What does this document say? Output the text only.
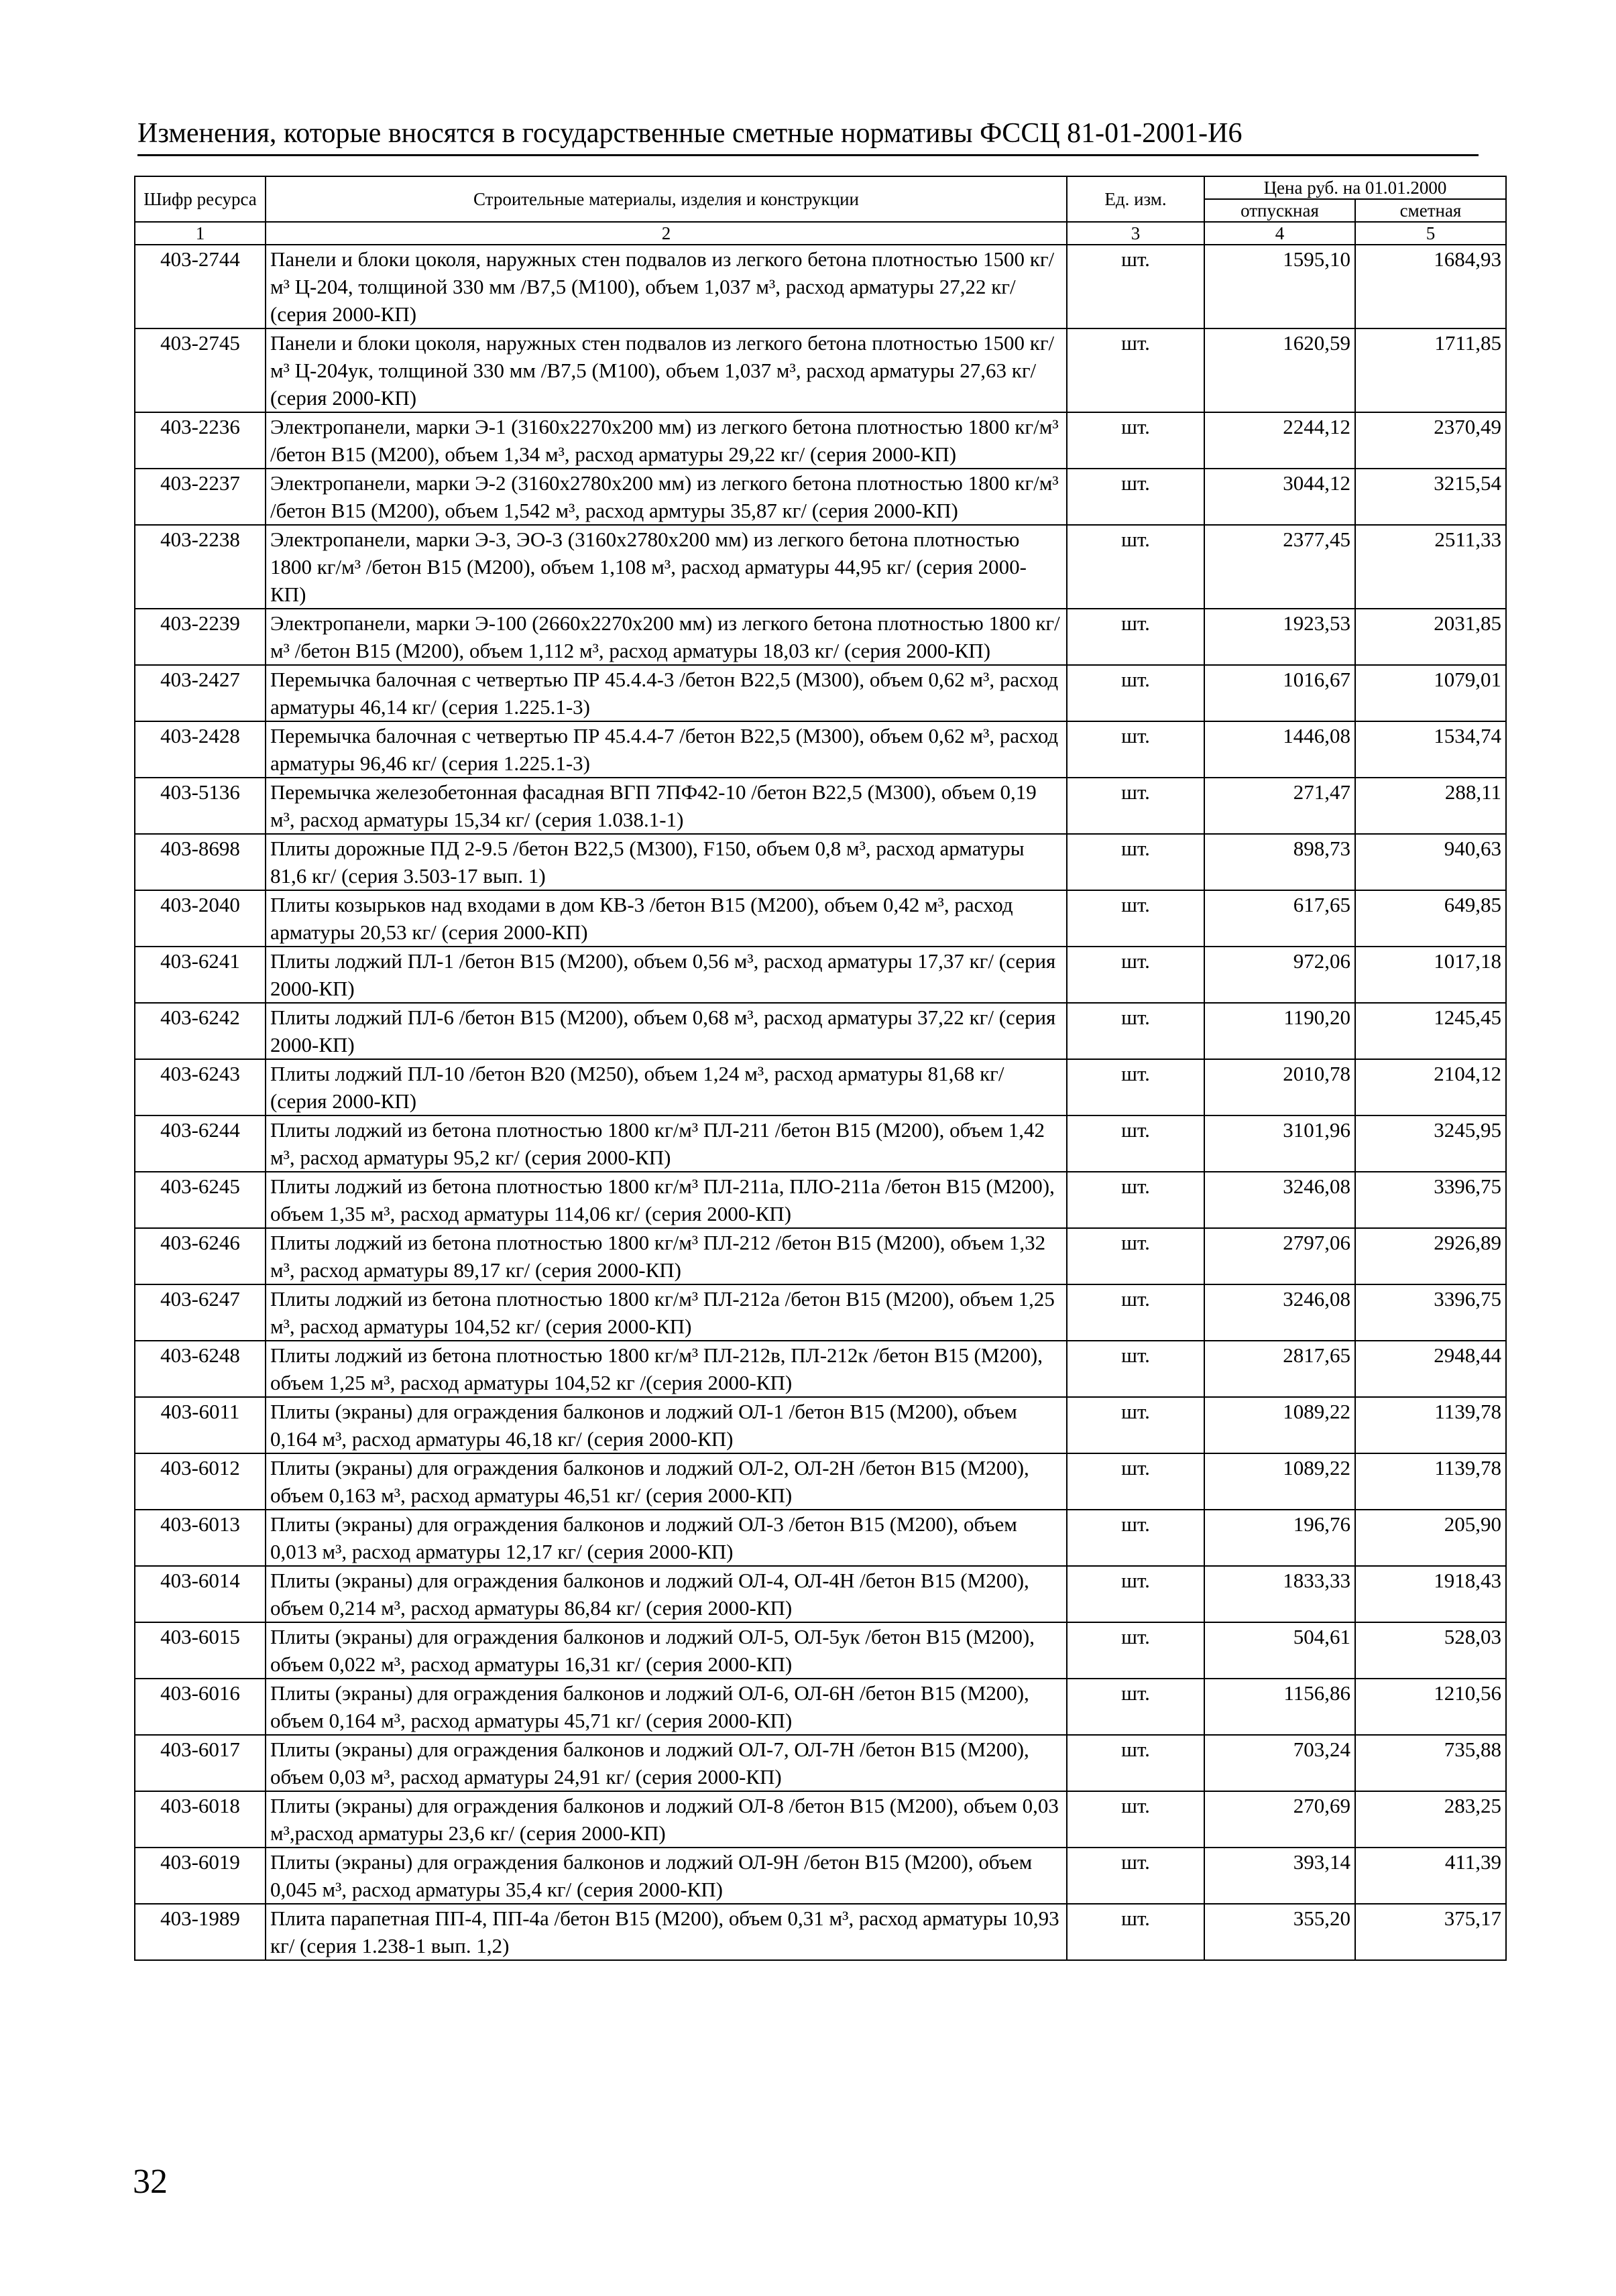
Изменения, которые вносятся в государственные сметные нормативы ФССЦ 81-01-2001-И6
Шифр ресурса	Строительные материалы, изделия и конструкции	Ед. изм.	Цена руб. на 01.01.2000	
			отпускная	сметная
1	2	3	4	5
403-2744	Панели и блоки цоколя, наружных стен подвалов из легкого бетона плотностью 1500 кг/м³ Ц-204, толщиной 330 мм /B7,5 (M100), объем 1,037 м³, расход арматуры 27,22 кг/ (серия 2000-КП)	шт.	1595,10	1684,93
403-2745	Панели и блоки цоколя, наружных стен подвалов из легкого бетона плотностью 1500 кг/м³ Ц-204ук, толщиной 330 мм /B7,5 (M100), объем 1,037 м³, расход арматуры 27,63 кг/ (серия 2000-КП)	шт.	1620,59	1711,85
403-2236	Электропанели, марки Э-1 (3160x2270x200 мм) из легкого бетона плотностью 1800 кг/м³ /бетон B15 (M200), объем 1,34 м³, расход арматуры 29,22 кг/ (серия 2000-КП)	шт.	2244,12	2370,49
403-2237	Электропанели, марки Э-2 (3160x2780x200 мм) из легкого бетона плотностью 1800 кг/м³ /бетон B15 (M200), объем 1,542 м³, расход армтуры 35,87 кг/ (серия 2000-КП)	шт.	3044,12	3215,54
403-2238	Электропанели, марки Э-3, ЭО-3 (3160x2780x200 мм) из легкого бетона плотностью 1800 кг/м³ /бетон B15 (M200), объем 1,108 м³, расход арматуры 44,95 кг/ (серия 2000-КП)	шт.	2377,45	2511,33
403-2239	Электропанели, марки Э-100 (2660x2270x200 мм) из легкого бетона плотностью 1800 кг/м³ /бетон B15 (M200), объем 1,112 м³, расход арматуры 18,03 кг/ (серия 2000-КП)	шт.	1923,53	2031,85
403-2427	Перемычка балочная с четвертью ПР 45.4.4-3 /бетон B22,5 (M300), объем 0,62 м³, расход арматуры 46,14 кг/ (серия 1.225.1-3)	шт.	1016,67	1079,01
403-2428	Перемычка балочная с четвертью ПР 45.4.4-7 /бетон B22,5 (M300), объем 0,62 м³, расход арматуры 96,46 кг/ (серия 1.225.1-3)	шт.	1446,08	1534,74
403-5136	Перемычка железобетонная фасадная ВГП 7ПФ42-10 /бетон B22,5 (M300), объем 0,19 м³, расход арматуры 15,34 кг/ (серия 1.038.1-1)	шт.	271,47	288,11
403-8698	Плиты дорожные ПД 2-9.5 /бетон B22,5 (M300), F150, объем 0,8 м³, расход арматуры 81,6 кг/ (серия 3.503-17 вып. 1)	шт.	898,73	940,63
403-2040	Плиты козырьков над входами в дом КВ-3 /бетон B15 (M200), объем 0,42 м³, расход арматуры 20,53 кг/ (серия 2000-КП)	шт.	617,65	649,85
403-6241	Плиты лоджий ПЛ-1 /бетон B15 (M200), объем 0,56 м³, расход арматуры 17,37 кг/ (серия 2000-КП)	шт.	972,06	1017,18
403-6242	Плиты лоджий ПЛ-6 /бетон B15 (M200), объем 0,68 м³, расход арматуры 37,22 кг/ (серия 2000-КП)	шт.	1190,20	1245,45
403-6243	Плиты лоджий ПЛ-10 /бетон B20 (M250), объем 1,24 м³, расход арматуры 81,68 кг/ (серия 2000-КП)	шт.	2010,78	2104,12
403-6244	Плиты лоджий из бетона плотностью 1800 кг/м³ ПЛ-211 /бетон B15 (M200), объем 1,42 м³, расход арматуры 95,2 кг/ (серия 2000-КП)	шт.	3101,96	3245,95
403-6245	Плиты лоджий из бетона плотностью 1800 кг/м³ ПЛ-211а, ПЛО-211а /бетон B15 (M200), объем 1,35 м³, расход арматуры 114,06 кг/ (серия 2000-КП)	шт.	3246,08	3396,75
403-6246	Плиты лоджий из бетона плотностью 1800 кг/м³ ПЛ-212 /бетон B15 (M200), объем 1,32 м³, расход арматуры 89,17 кг/ (серия 2000-КП)	шт.	2797,06	2926,89
403-6247	Плиты лоджий из бетона плотностью 1800 кг/м³ ПЛ-212а /бетон B15 (M200), объем 1,25 м³, расход арматуры 104,52 кг/ (серия 2000-КП)	шт.	3246,08	3396,75
403-6248	Плиты лоджий из бетона плотностью 1800 кг/м³ ПЛ-212в, ПЛ-212к /бетон B15 (M200), объем 1,25 м³, расход арматуры 104,52 кг /(серия 2000-КП)	шт.	2817,65	2948,44
403-6011	Плиты (экраны) для ограждения балконов и лоджий ОЛ-1 /бетон B15 (M200), объем 0,164 м³, расход арматуры 46,18 кг/ (серия 2000-КП)	шт.	1089,22	1139,78
403-6012	Плиты (экраны) для ограждения балконов и лоджий ОЛ-2, ОЛ-2Н /бетон B15 (M200), объем 0,163 м³, расход арматуры 46,51 кг/ (серия 2000-КП)	шт.	1089,22	1139,78
403-6013	Плиты (экраны) для ограждения балконов и лоджий ОЛ-3 /бетон B15 (M200), объем 0,013 м³, расход арматуры 12,17 кг/ (серия 2000-КП)	шт.	196,76	205,90
403-6014	Плиты (экраны) для ограждения балконов и лоджий ОЛ-4, ОЛ-4Н /бетон B15 (M200), объем 0,214 м³, расход арматуры 86,84 кг/ (серия 2000-КП)	шт.	1833,33	1918,43
403-6015	Плиты (экраны) для ограждения балконов и лоджий ОЛ-5, ОЛ-5ук /бетон B15 (M200), объем 0,022 м³, расход арматуры 16,31 кг/ (серия 2000-КП)	шт.	504,61	528,03
403-6016	Плиты (экраны) для ограждения балконов и лоджий ОЛ-6, ОЛ-6Н /бетон B15 (M200), объем 0,164 м³, расход арматуры 45,71 кг/ (серия 2000-КП)	шт.	1156,86	1210,56
403-6017	Плиты (экраны) для ограждения балконов и лоджий ОЛ-7, ОЛ-7Н /бетон B15 (M200), объем 0,03 м³, расход арматуры 24,91 кг/ (серия 2000-КП)	шт.	703,24	735,88
403-6018	Плиты (экраны) для ограждения балконов и лоджий ОЛ-8 /бетон B15 (M200), объем 0,03 м³,расход арматуры 23,6 кг/ (серия 2000-КП)	шт.	270,69	283,25
403-6019	Плиты (экраны) для ограждения балконов и лоджий ОЛ-9Н /бетон B15 (M200), объем 0,045 м³, расход арматуры 35,4 кг/ (серия 2000-КП)	шт.	393,14	411,39
403-1989	Плита парапетная ПП-4, ПП-4а /бетон B15 (M200), объем 0,31 м³, расход арматуры 10,93 кг/ (серия 1.238-1 вып. 1,2)	шт.	355,20	375,17
32
